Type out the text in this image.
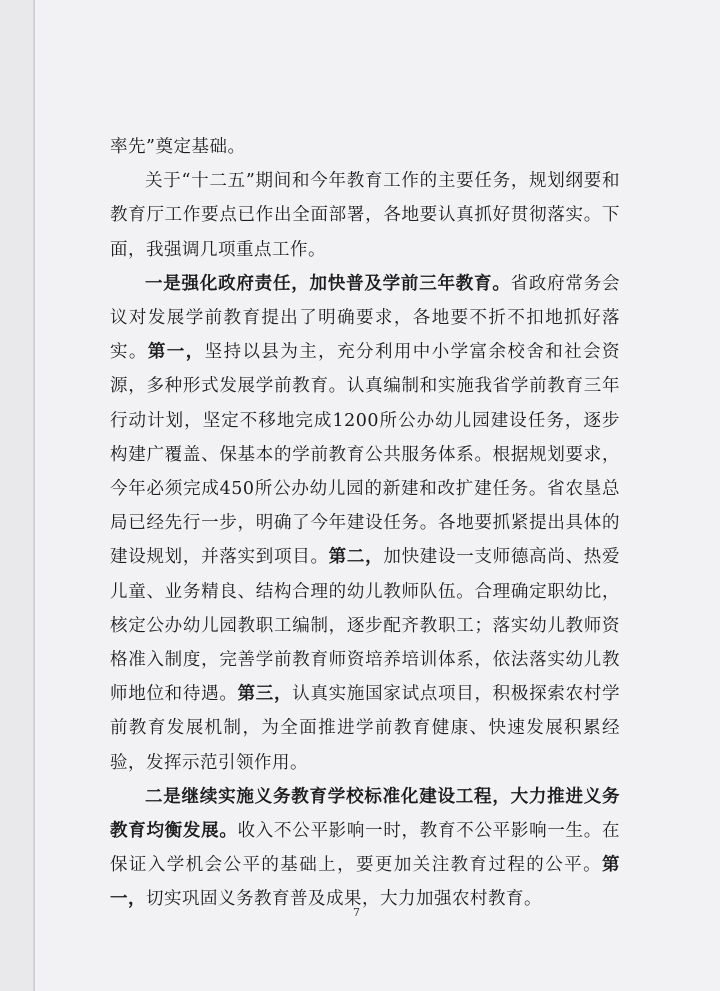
率先”奠定基础。

关于“十二五”期间和今年教育工作的主要任务，规划纲要和教育厅工作要点已作出全面部署，各地要认真抓好贯彻落实。下面，我强调几项重点工作。

一是强化政府责任，加快普及学前三年教育。省政府常务会议对发展学前教育提出了明确要求，各地要不折不扣地抓好落实。第一，坚持以县为主，充分利用中小学富余校舍和社会资源，多种形式发展学前教育。认真编制和实施我省学前教育三年行动计划，坚定不移地完成1200所公办幼儿园建设任务，逐步构建广覆盖、保基本的学前教育公共服务体系。根据规划要求，今年必须完成450所公办幼儿园的新建和改扩建任务。省农垦总局已经先行一步，明确了今年建设任务。各地要抓紧提出具体的建设规划，并落实到项目。第二，加快建设一支师德高尚、热爱儿童、业务精良、结构合理的幼儿教师队伍。合理确定职幼比，核定公办幼儿园教职工编制，逐步配齐教职工；落实幼儿教师资格准入制度，完善学前教育师资培养培训体系，依法落实幼儿教师地位和待遇。第三，认真实施国家试点项目，积极探索农村学前教育发展机制，为全面推进学前教育健康、快速发展积累经验，发挥示范引领作用。

二是继续实施义务教育学校标准化建设工程，大力推进义务教育均衡发展。收入不公平影响一时，教育不公平影响一生。在保证入学机会公平的基础上，要更加关注教育过程的公平。第一，切实巩固义务教育普及成果，大力加强农村教育。

7
